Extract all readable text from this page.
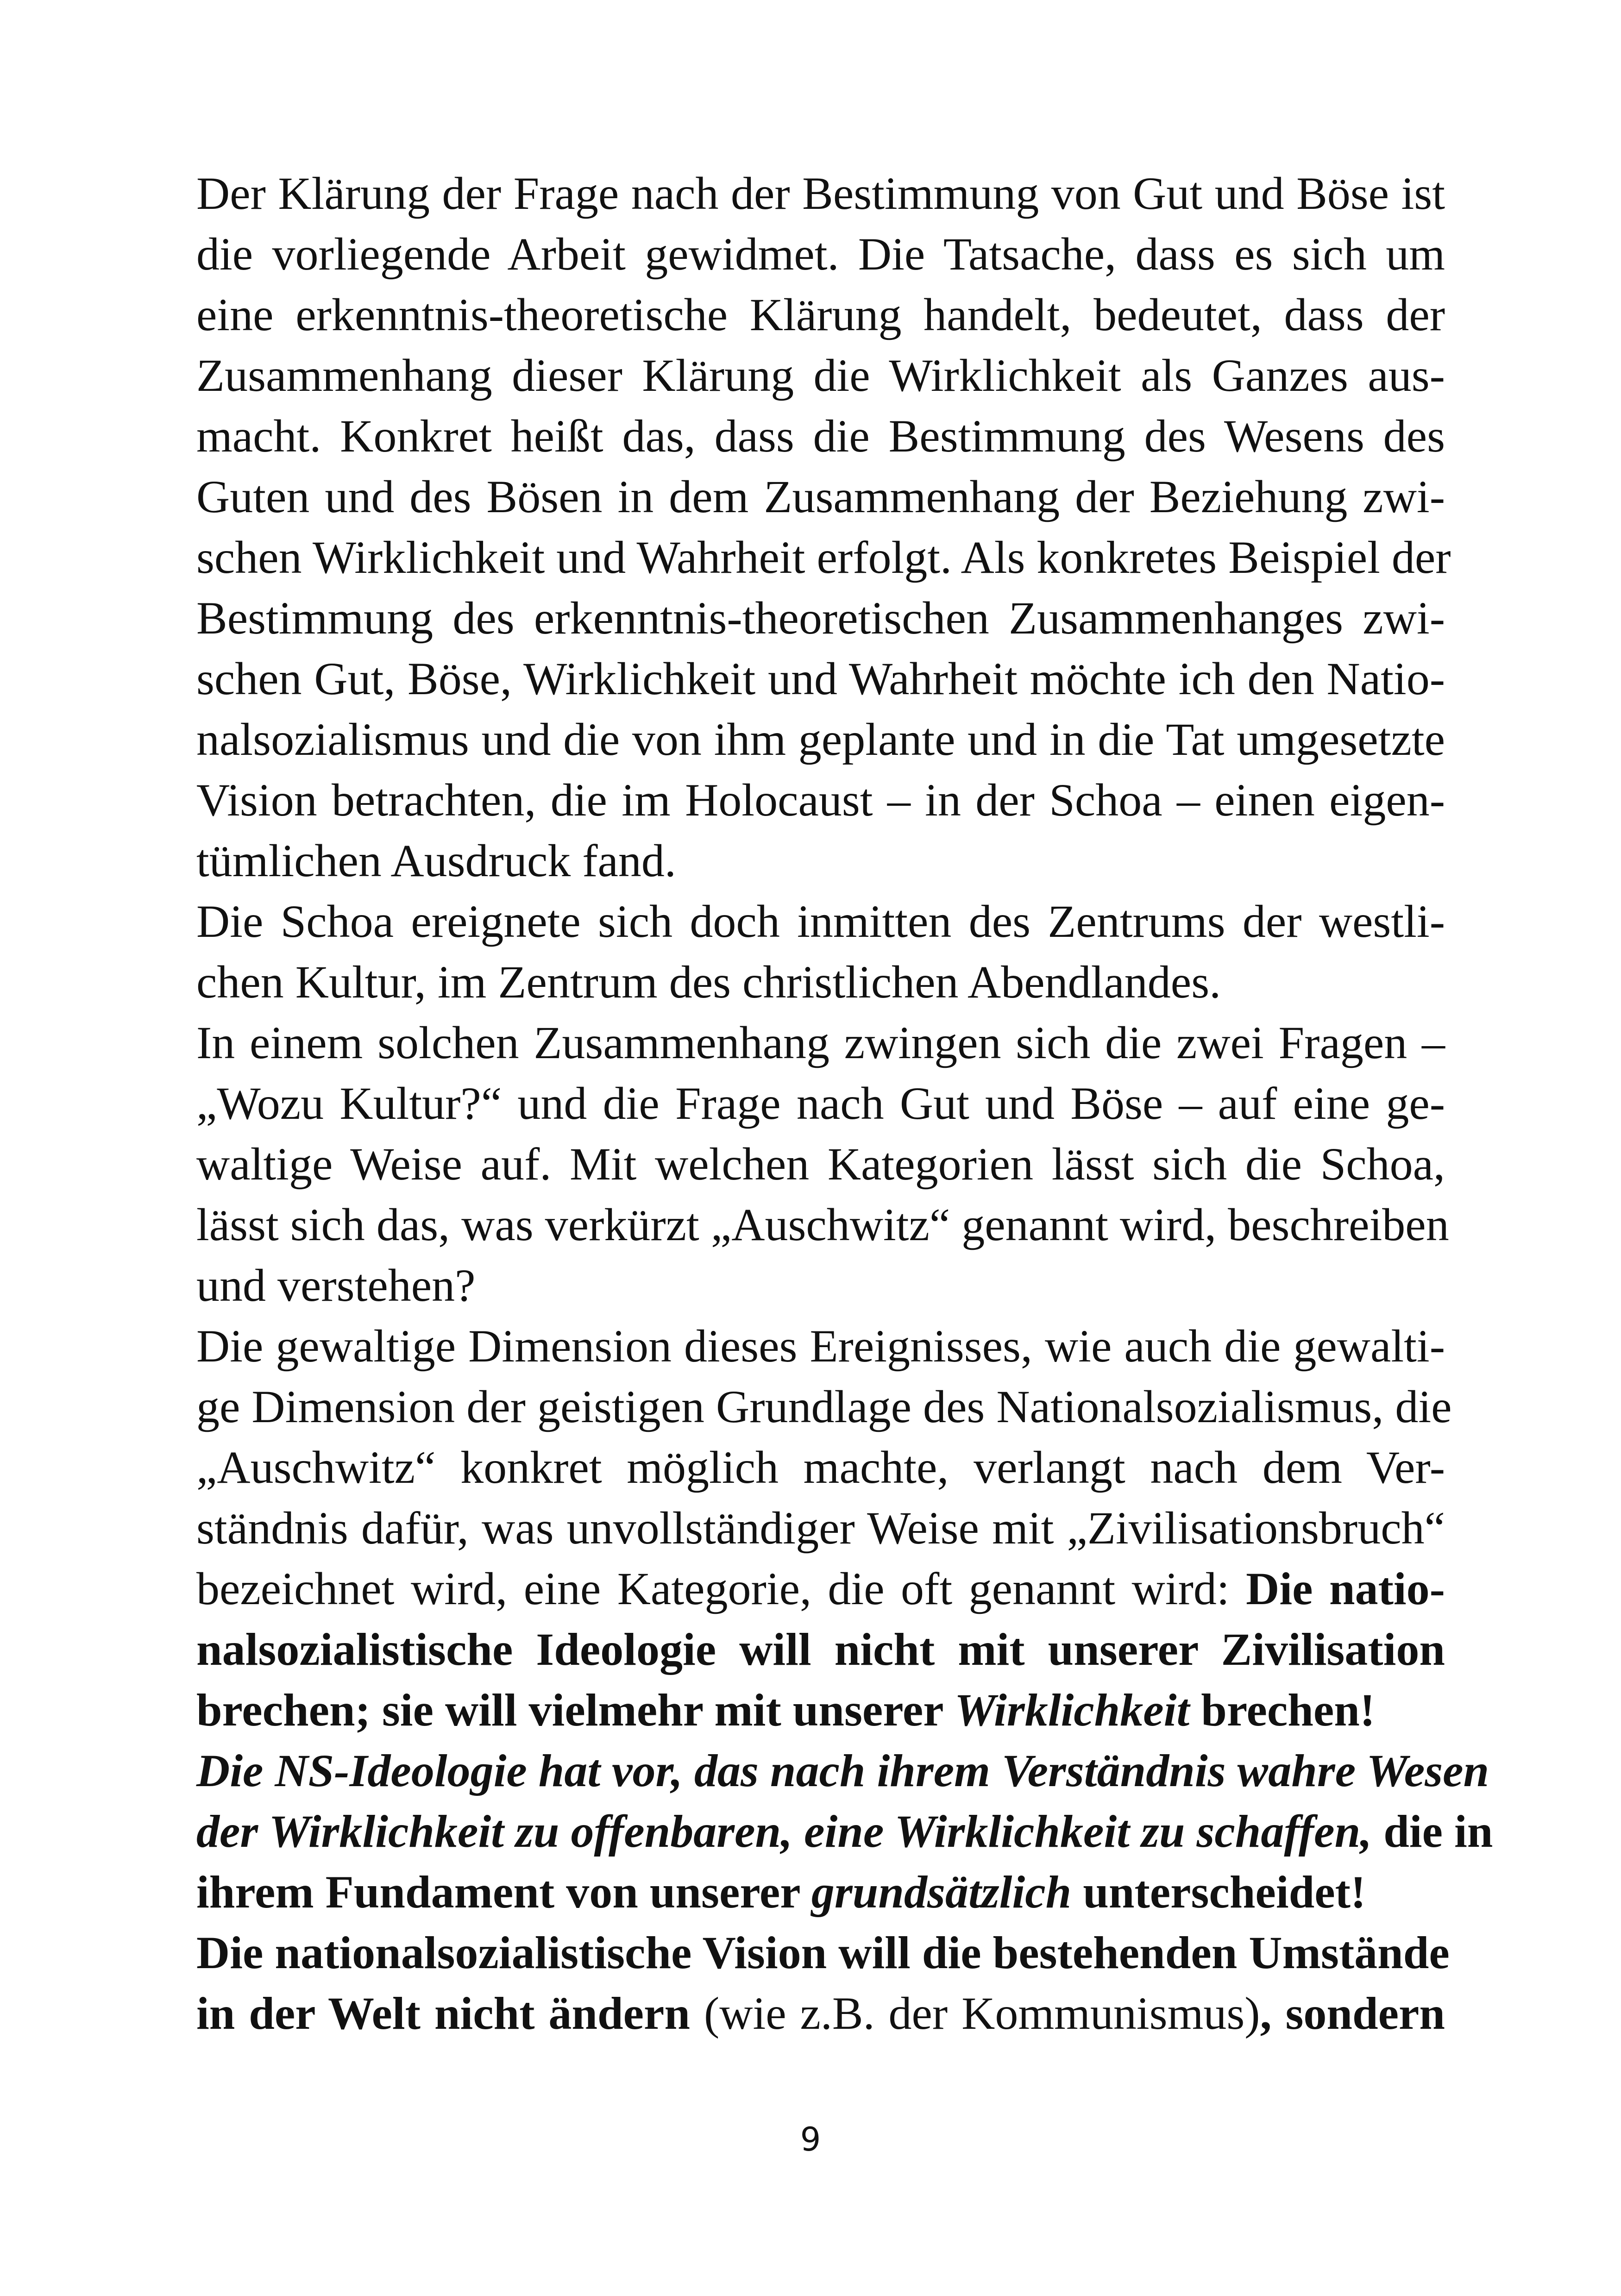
Der Klärung der Frage nach der Bestimmung von Gut und Böse ist
die vorliegende Arbeit gewidmet. Die Tatsache, dass es sich um
eine erkenntnis-theoretische Klärung handelt, bedeutet, dass der
Zusammenhang dieser Klärung die Wirklichkeit als Ganzes aus-
macht. Konkret heißt das, dass die Bestimmung des Wesens des
Guten und des Bösen in dem Zusammenhang der Beziehung zwi-
schen Wirklichkeit und Wahrheit erfolgt. Als konkretes Beispiel der
Bestimmung des erkenntnis-theoretischen Zusammenhanges zwi-
schen Gut, Böse, Wirklichkeit und Wahrheit möchte ich den Natio-
nalsozialismus und die von ihm geplante und in die Tat umgesetzte
Vision betrachten, die im Holocaust – in der Schoa – einen eigen-
tümlichen Ausdruck fand.
Die Schoa ereignete sich doch inmitten des Zentrums der westli-
chen Kultur, im Zentrum des christlichen Abendlandes.
In einem solchen Zusammenhang zwingen sich die zwei Fragen –
„Wozu Kultur?“ und die Frage nach Gut und Böse – auf eine ge-
waltige Weise auf. Mit welchen Kategorien lässt sich die Schoa,
lässt sich das, was verkürzt „Auschwitz“ genannt wird, beschreiben
und verstehen?
Die gewaltige Dimension dieses Ereignisses, wie auch die gewalti-
ge Dimension der geistigen Grundlage des Nationalsozialismus, die
„Auschwitz“ konkret möglich machte, verlangt nach dem Ver-
ständnis dafür, was unvollständiger Weise mit „Zivilisationsbruch“
bezeichnet wird, eine Kategorie, die oft genannt wird: Die natio-
nalsozialistische Ideologie will nicht mit unserer Zivilisation
brechen; sie will vielmehr mit unserer Wirklichkeit brechen!
Die NS-Ideologie hat vor, das nach ihrem Verständnis wahre Wesen
der Wirklichkeit zu offenbaren, eine Wirklichkeit zu schaffen, die in
ihrem Fundament von unserer grundsätzlich unterscheidet!
Die nationalsozialistische Vision will die bestehenden Umstände
in der Welt nicht ändern (wie z.B. der Kommunismus), sondern
9
